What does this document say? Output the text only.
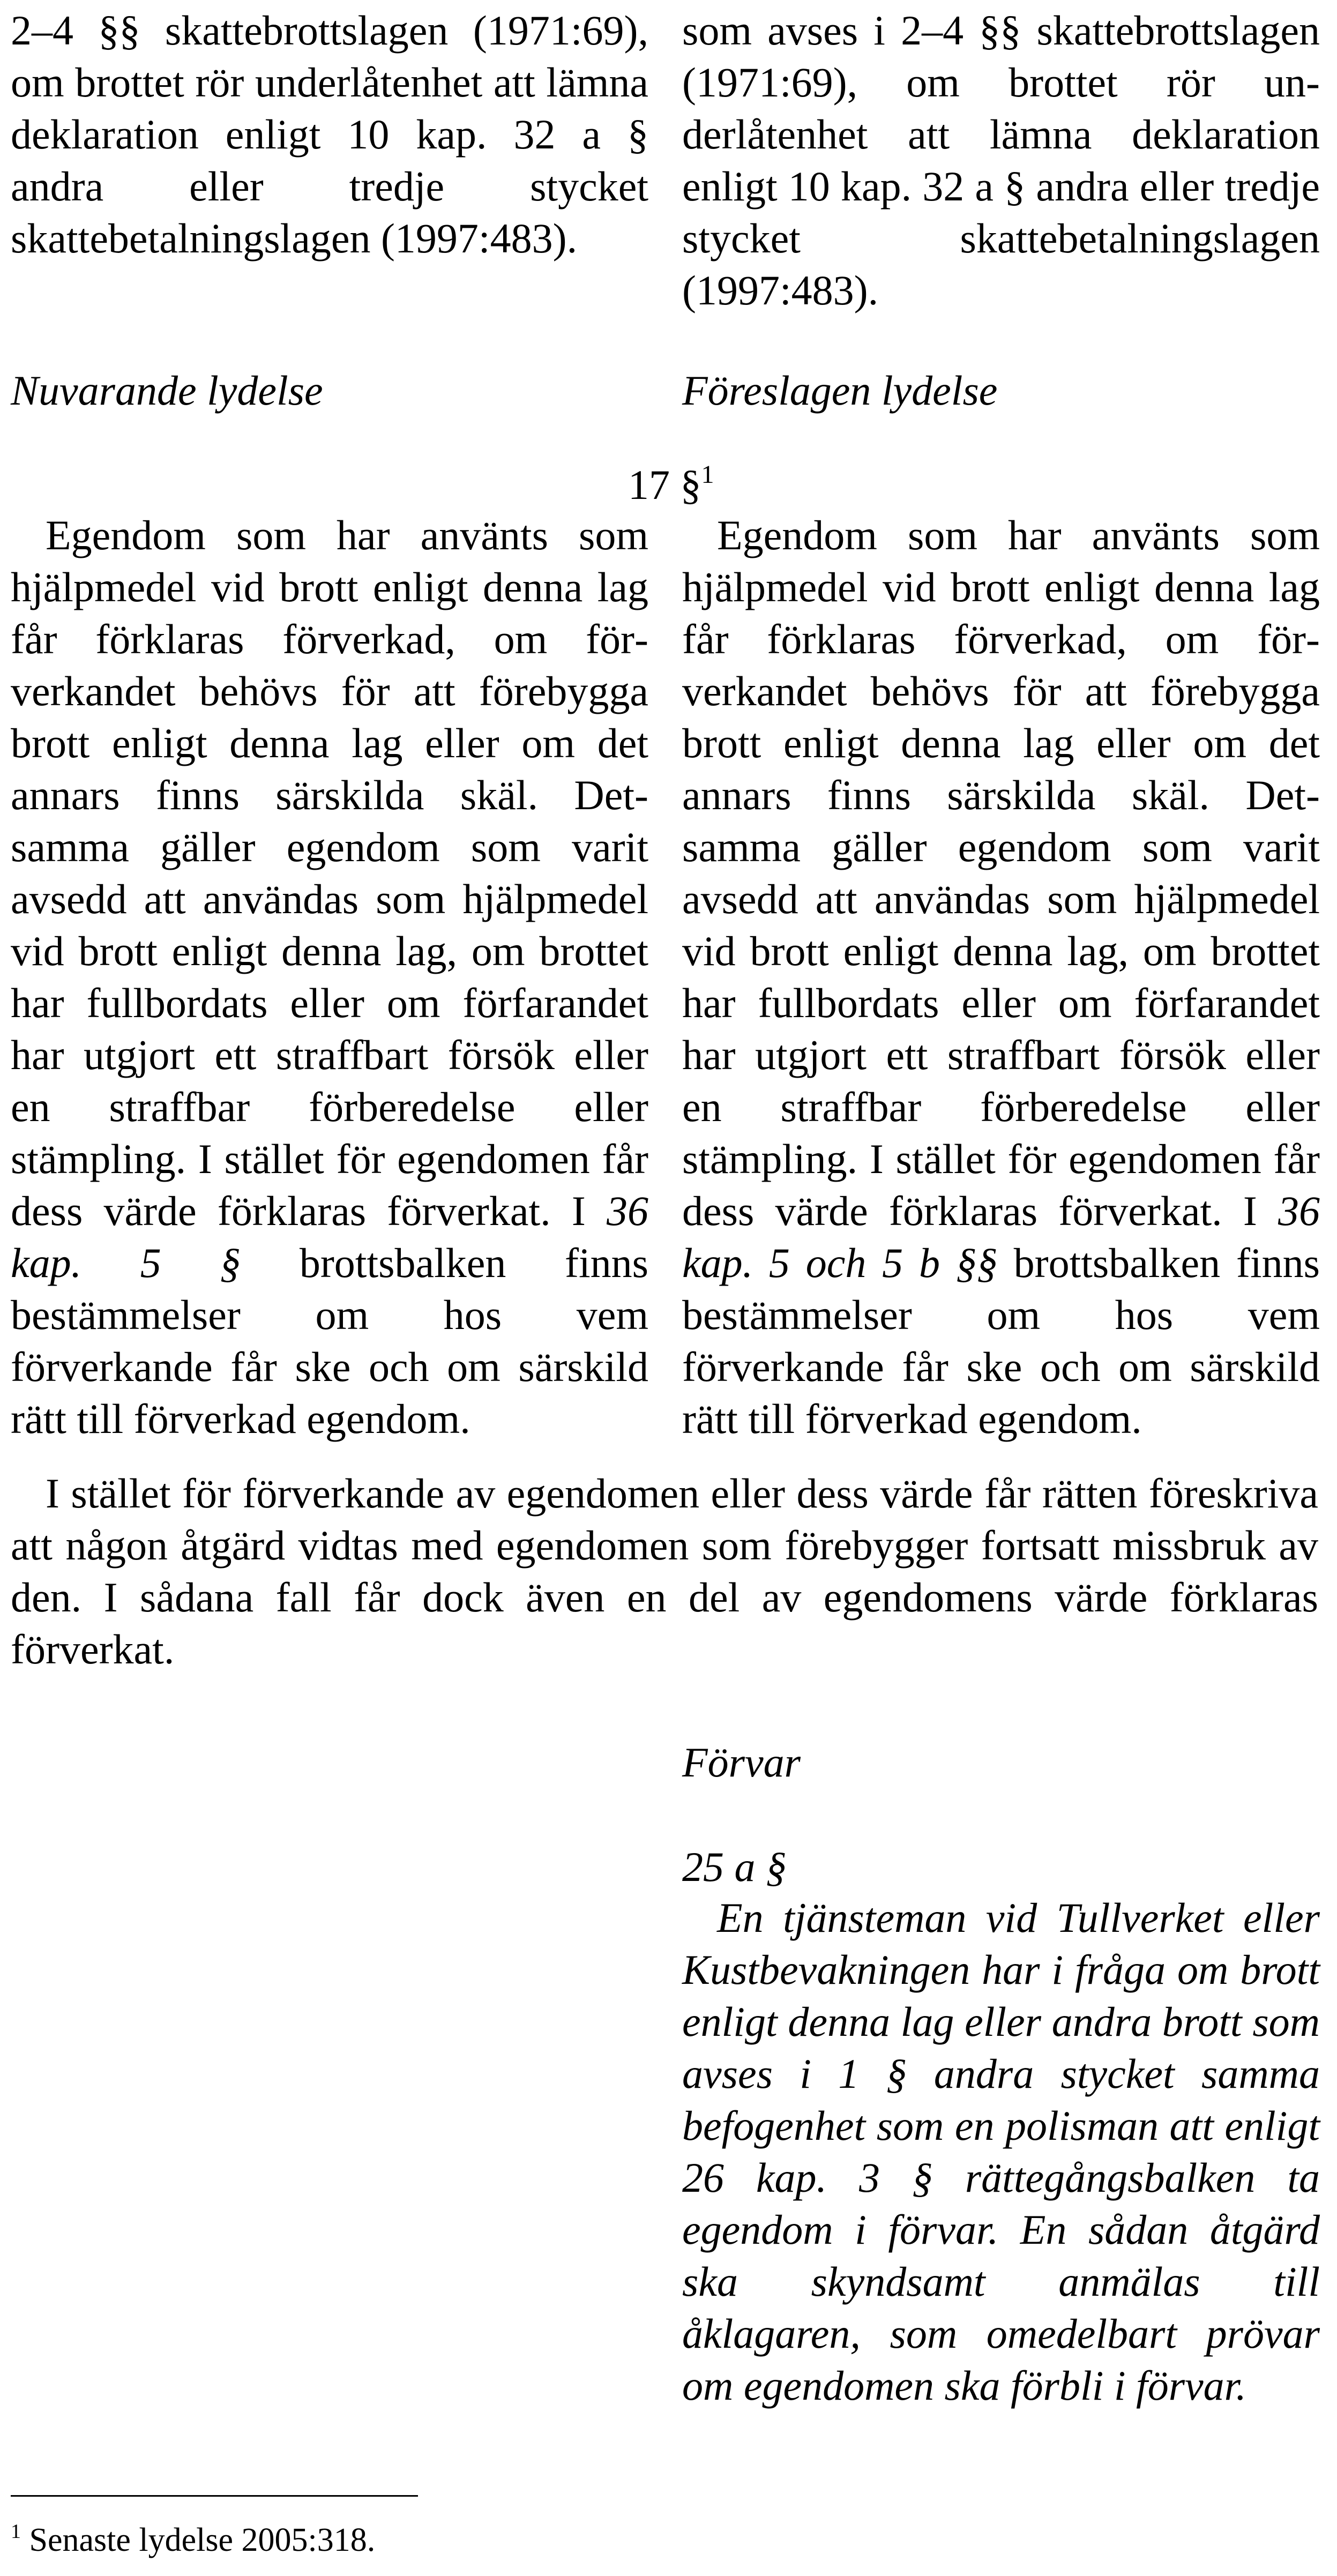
2–4 §§ skattebrottslagen (1971:69), om brottet rör underlåtenhet att lämna deklaration enligt 10 kap. 32 a § andra eller tredje stycket skattebetalningslagen (1997:483).

som avses i 2–4 §§ skattebrottslagen (1971:69), om brottet rör underlåtenhet att lämna deklaration enligt 10 kap. 32 a § andra eller tredje stycket skattebetalningslagen (1997:483).

Nuvarande lydelse	Föreslagen lydelse

17 §$^1$

Egendom som har använts som hjälpmedel vid brott enligt denna lag får förklaras förverkad, om förverkandet behövs för att förebygga brott enligt denna lag eller om det annars finns särskilda skäl. Detsamma gäller egendom som varit avsedd att användas som hjälpmedel vid brott enligt denna lag, om brottet har fullbordats eller om förfarandet har utgjort ett straffbart försök eller en straffbar förberedelse eller stämpling. I stället för egendomen får dess värde förklaras förverkat. I 36 kap. 5 § brottsbalken finns bestämmelser om hos vem förverkande får ske och om särskild rätt till förverkad egendom.

Egendom som har använts som hjälpmedel vid brott enligt denna lag får förklaras förverkad, om förverkandet behövs för att förebygga brott enligt denna lag eller om det annars finns särskilda skäl. Detsamma gäller egendom som varit avsedd att användas som hjälpmedel vid brott enligt denna lag, om brottet har fullbordats eller om förfarandet har utgjort ett straffbart försök eller en straffbar förberedelse eller stämpling. I stället för egendomen får dess värde förklaras förverkat. I 36 kap. 5 och 5 b §§ brottsbalken finns bestämmelser om hos vem förverkande får ske och om särskild rätt till förverkad egendom.

I stället för förverkande av egendomen eller dess värde får rätten föreskriva att någon åtgärd vidtas med egendomen som förebygger fortsatt missbruk av den. I sådana fall får dock även en del av egendomens värde förklaras förverkat.

Förvar

25 a §

En tjänsteman vid Tullverket eller Kustbevakningen har i fråga om brott enligt denna lag eller andra brott som avses i 1 § andra stycket samma befogenhet som en polisman att enligt 26 kap. 3 § rättegångsbalken ta egendom i förvar. En sådan åtgärd ska skyndsamt anmälas till åklagaren, som omedelbart prövar om egendomen ska förbli i förvar.

$^1$ Senaste lydelse 2005:318.
